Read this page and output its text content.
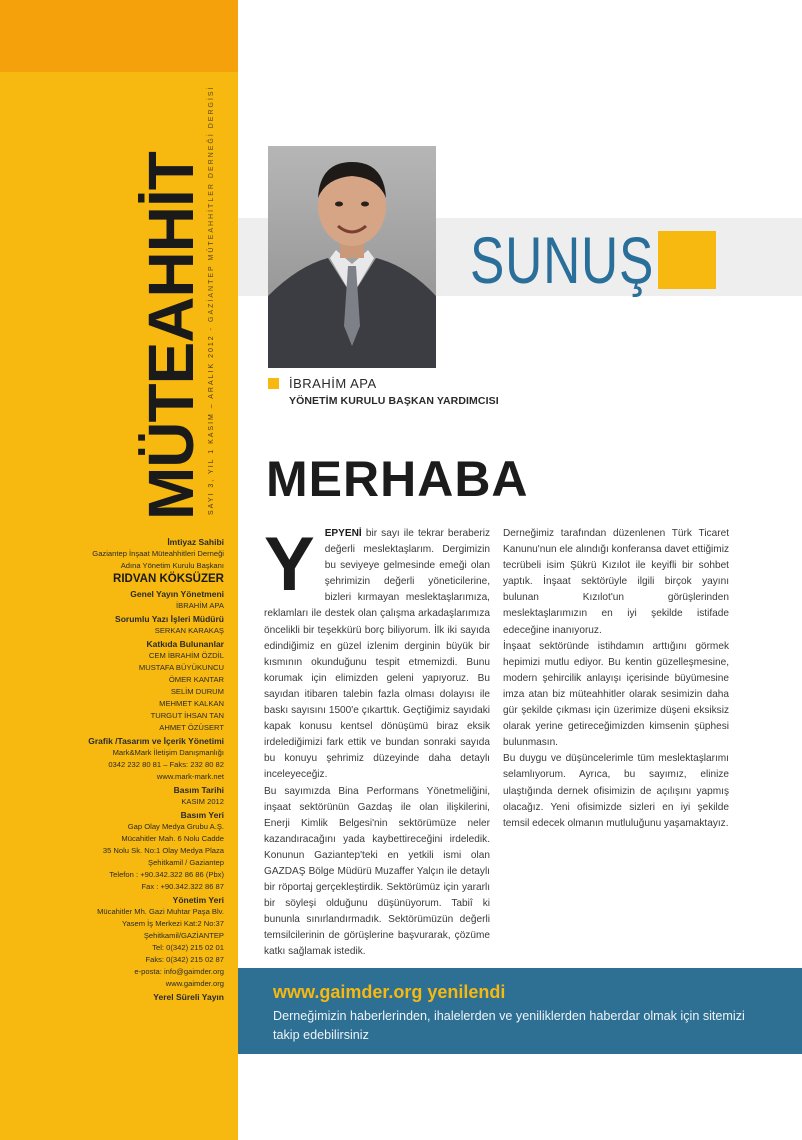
MÜTEAHHİT SAYI 3, YIL 1 KASIM – ARALIK 2012-GAZİANTEP MÜTEAHHİTLER DERNEĞİ DERGİSİ
İmtiyaz Sahibi
Gaziantep İnşaat Müteahhitleri Derneği
Adına Yönetim Kurulu Başkanı
RIDVAN KÖKSÜZER
Genel Yayın Yönetmeni
İBRAHİM APA
Sorumlu Yazı İşleri Müdürü
SERKAN KARAKAŞ
Katkıda Bulunanlar
CEM İBRAHİM ÖZDİL
MUSTAFA BÜYÜKUNCU
ÖMER KANTAR
SELİM DURUM
MEHMET KALKAN
TURGUT İHSAN TAN
AHMET ÖZÜSERT
Grafik /Tasarım ve İçerik Yönetimi
Mark&Mark İletişim Danışmanlığı
0342 232 80 81 – Faks: 232 80 82
www.mark-mark.net
Basım Tarihi
KASIM 2012
Basım Yeri
Gap Olay Medya Grubu A.Ş.
Mücahitler Mah. 6 Nolu Cadde
35 Nolu Sk. No:1 Olay Medya Plaza
Şehitkamil / Gaziantep
Telefon : +90.342.322 86 86 (Pbx)
Fax : +90.342.322 86 87
Yönetim Yeri
Mücahitler Mh. Gazi Muhtar Paşa Blv.
Yasem İş Merkezi Kat:2 No:37
Şehitkamil/GAZİANTEP
Tel: 0(342) 215 02 01
Faks: 0(342) 215 02 87
e-posta: info@gaimder.org
www.gaimder.org
Yerel Süreli Yayın
SUNUŞ
İBRAHİM APA
YÖNETİM KURULU BAŞKAN YARDIMCISI
MERHABA

YEPYENİ bir sayı ile tekrar beraberiz değerli meslektaşlarım. Dergimizin bu seviyeye gelmesinde emeği olan şehrimizin değerli yöneticilerine, bizleri kırmayan meslektaşlarımıza, reklamları ile destek olan çalışma arkadaşlarımıza öncelikli bir teşekkürü borç biliyorum. İlk iki sayıda edindiğimiz en güzel izlenim derginin büyük bir kısmının okunduğunu tespit etmemizdi. Bunu korumak için elimizden geleni yapıyoruz. Bu sayıdan itibaren talebin fazla olması dolayısı ile baskı sayısını 1500'e çıkarttık. Geçtiğimiz sayıdaki kapak konusu kentsel dönüşümü biraz eksik irdelediğimizi fark ettik ve bundan sonraki sayıda bu konuyu şehrimiz düzeyinde daha detaylı inceleyeceğiz.

Bu sayımızda Bina Performans Yönetmeliğini, inşaat sektörünün Gazdaş ile olan ilişkilerini, Enerji Kimlik Belgesi'nin sektörümüze neler kazandıracağını yada kaybettireceğini irdeledik. Konunun Gaziantep'teki en yetkili ismi olan GAZDAŞ Bölge Müdürü Muzaffer Yalçın ile detaylı bir röportaj gerçekleştirdik. Sektörümüz için yararlı bir söyleşi olduğunu düşünüyorum. Tabiî ki bununla sınırlandırmadık. Sektörümüzün değerli temsilcilerinin de görüşlerine başvurarak, çözüme katkı sağlamak istedik.

Derneğimiz tarafından düzenlenen Türk Ticaret Kanunu'nun ele alındığı konferansa davet ettiğimiz tecrübeli isim Şükrü Kızılot ile keyifli bir sohbet yaptık. İnşaat sektörüyle ilgili birçok yayını bulunan Kızılot'un görüşlerinden meslektaşlarımızın en iyi şekilde istifade edeceğine inanıyoruz.

İnşaat sektöründe istihdamın arttığını görmek hepimizi mutlu ediyor. Bu kentin güzelleşmesine, modern şehircilik anlayışı içerisinde büyümesine imza atan biz müteahhitler olarak sesimizin daha gür şekilde çıkması için üzerimize düşeni eksiksiz olarak yerine getireceğimizden kimsenin şüphesi bulunmasın.

Bu duygu ve düşüncelerimle tüm meslektaşlarımı selamlıyorum. Ayrıca, bu sayımız, elinize ulaştığında dernek ofisimizin de açılışını yapmış olacağız. Yeni ofisimizde sizleri en iyi şekilde temsil edecek olmanın mutluluğunu yaşamaktayız.

www.gaimder.org yenilendi
Derneğimizin haberlerinden, ihalelerden ve yeniliklerden haberdar olmak için sitemizi takip edebilirsiniz
